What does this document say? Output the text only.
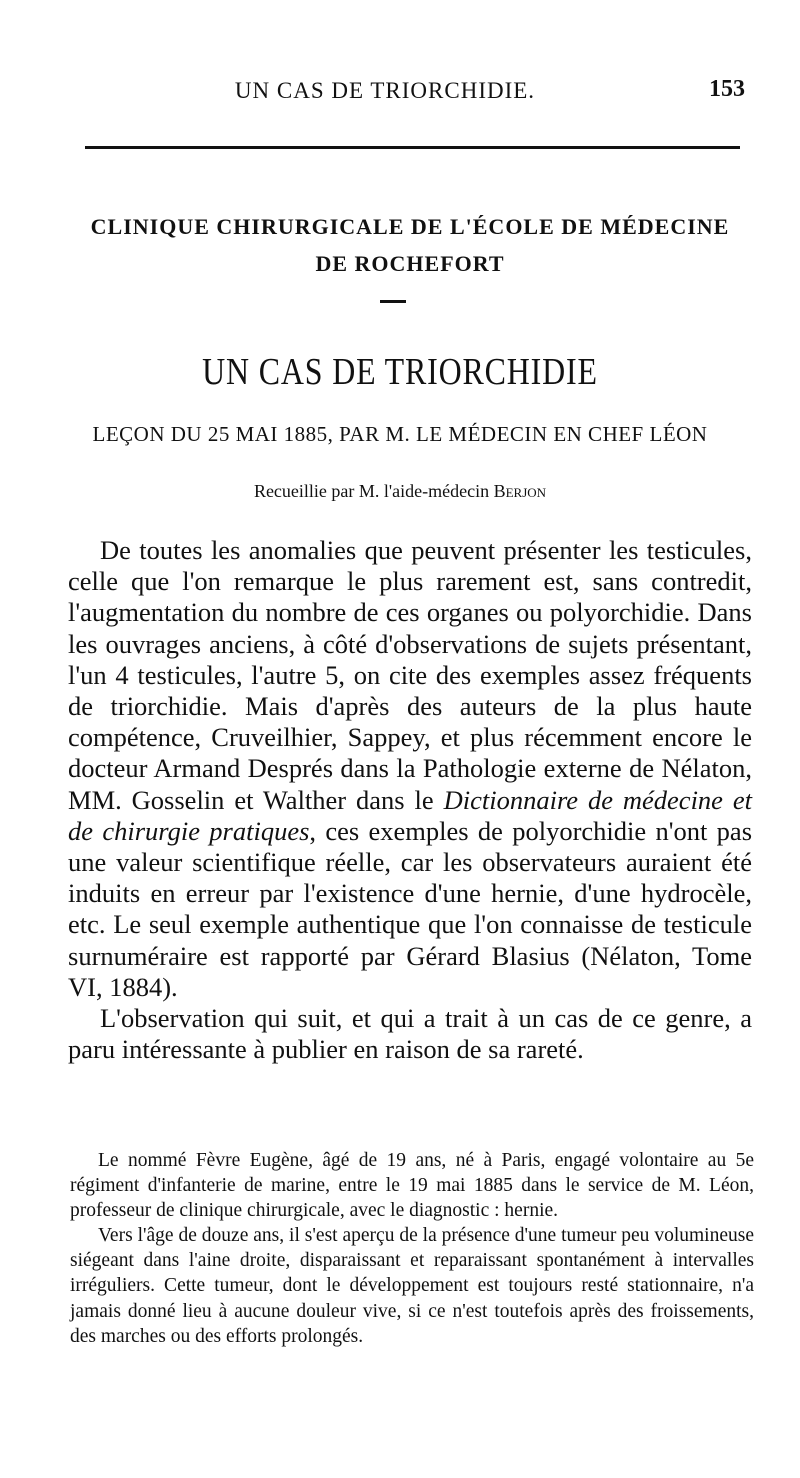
UN CAS DE TRIORCHIDIE.	153
CLINIQUE CHIRURGICALE DE L'ÉCOLE DE MÉDECINE
DE ROCHEFORT
UN CAS DE TRIORCHIDIE
LEÇON DU 25 MAI 1885, PAR M. LE MÉDECIN EN CHEF LÉON
Recueillie par M. l'aide-médecin Berjon

De toutes les anomalies que peuvent présenter les testicules, celle que l'on remarque le plus rarement est, sans contredit, l'augmentation du nombre de ces organes ou polyorchidie. Dans les ouvrages anciens, à côté d'observations de sujets présentant, l'un 4 testicules, l'autre 5, on cite des exemples assez fréquents de triorchidie. Mais d'après des auteurs de la plus haute compétence, Cruveilhier, Sappey, et plus récemment encore le docteur Armand Després dans la Pathologie externe de Nélaton, MM. Gosselin et Walther dans le Dictionnaire de médecine et de chirurgie pratiques, ces exemples de polyorchidie n'ont pas une valeur scientifique réelle, car les observateurs auraient été induits en erreur par l'existence d'une hernie, d'une hydrocèle, etc. Le seul exemple authentique que l'on connaisse de testicule surnuméraire est rapporté par Gérard Blasius (Nélaton, Tome VI, 1884).

L'observation qui suit, et qui a trait à un cas de ce genre, a paru intéressante à publier en raison de sa rareté.

Le nommé Fèvre Eugène, âgé de 19 ans, né à Paris, engagé volontaire au 5e régiment d'infanterie de marine, entre le 19 mai 1885 dans le service de M. Léon, professeur de clinique chirurgicale, avec le diagnostic : hernie.

Vers l'âge de douze ans, il s'est aperçu de la présence d'une tumeur peu volumineuse siégeant dans l'aine droite, disparaissant et reparaissant spontanément à intervalles irréguliers. Cette tumeur, dont le développement est toujours resté stationnaire, n'a jamais donné lieu à aucune douleur vive, si ce n'est toutefois après des froissements, des marches ou des efforts prolongés.
